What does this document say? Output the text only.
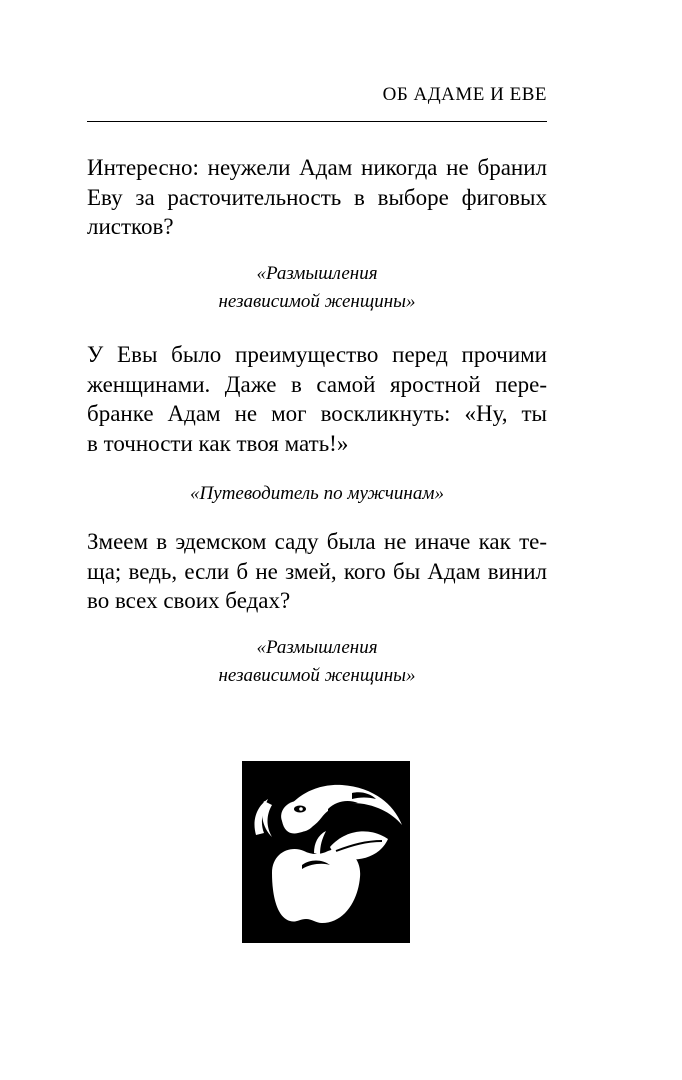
ОБ АДАМЕ И ЕВЕ

Интересно: неужели Адам никогда не бранил
Еву за расточительность в выборе фиговых
листков?

«Размышления
независимой женщины»

У Евы было преимущество перед прочими
женщинами. Даже в самой яростной пере-
бранке Адам не мог воскликнуть: «Ну, ты
в точности как твоя мать!»

«Путеводитель по мужчинам»

Змеем в эдемском саду была не иначе как те-
ща; ведь, если б не змей, кого бы Адам винил
во всех своих бедах?

«Размышления
независимой женщины»
